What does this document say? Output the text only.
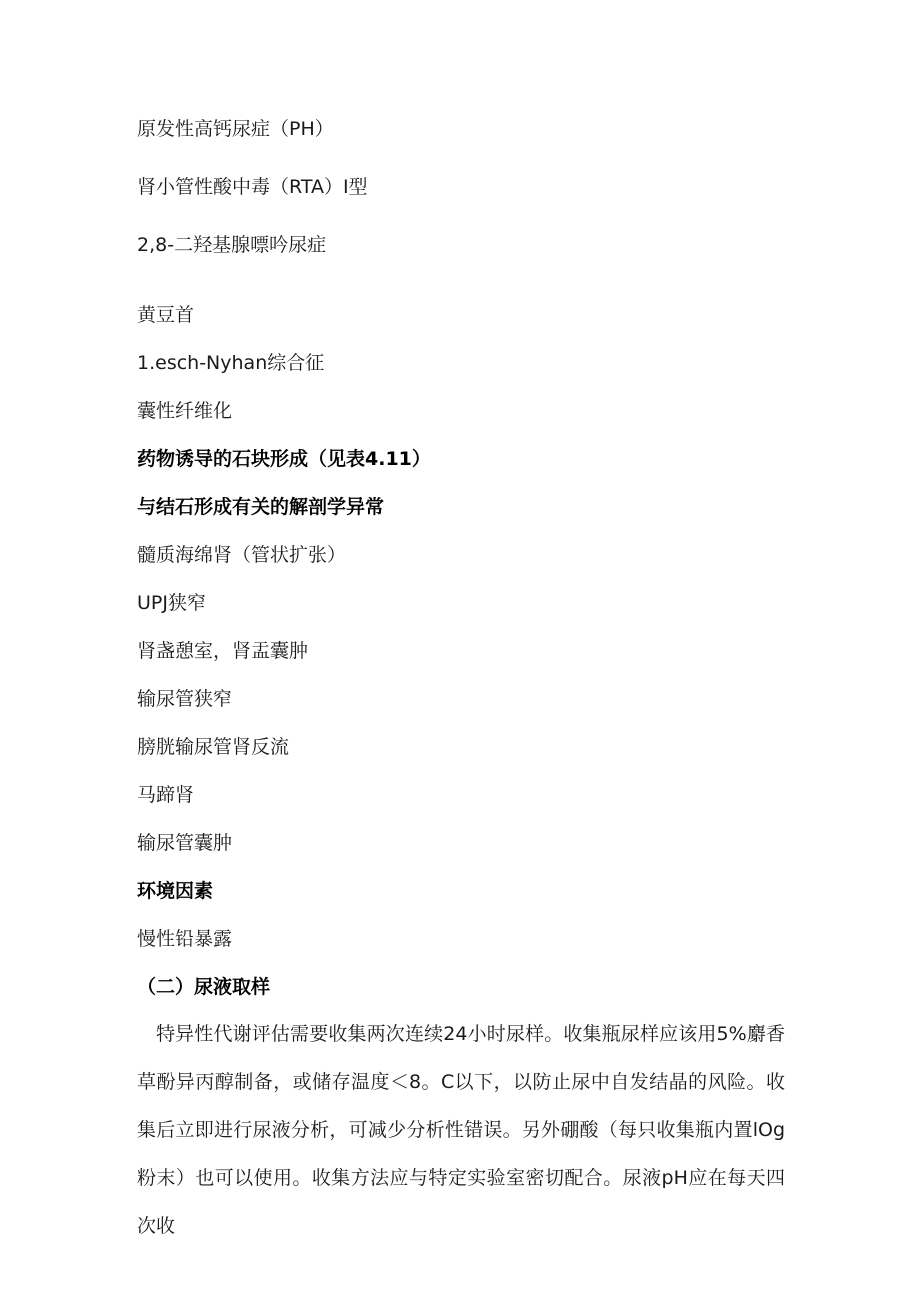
原发性高钙尿症（PH）
肾小管性酸中毒（RTA）I型
2,8-二羟基腺嘌吟尿症
黄豆首
1.esch-Nyhan综合征
囊性纤维化
药物诱导的石块形成（见表4.11）
与结石形成有关的解剖学异常
髓质海绵肾（管状扩张）
UPJ狭窄
肾盏憩室，肾盂囊肿
输尿管狭窄
膀胱输尿管肾反流
马蹄肾
输尿管囊肿
环境因素
慢性铅暴露
（二）尿液取样
特异性代谢评估需要收集两次连续24小时尿样。收集瓶尿样应该用5%麝香草酚异丙醇制备，或储存温度＜8。C以下，以防止尿中自发结晶的风险。收集后立即进行尿液分析，可减少分析性错误。另外硼酸（每只收集瓶内置lOg粉末）也可以使用。收集方法应与特定实验室密切配合。尿液pH应在每天四次收
